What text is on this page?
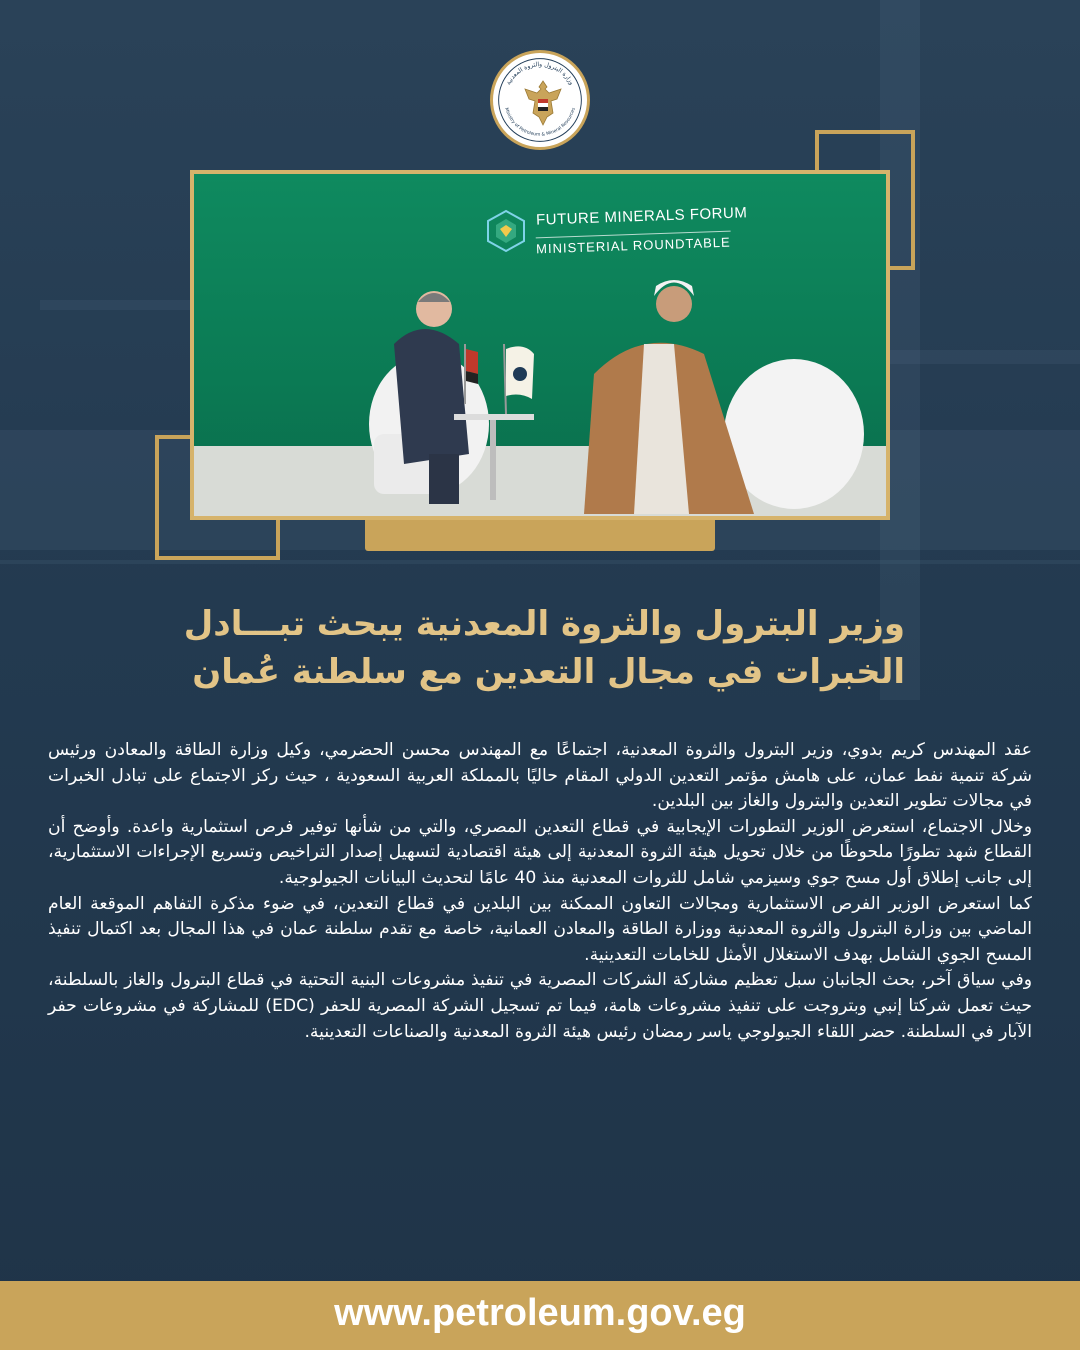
وزارة البترول والثروة المعدنية
Ministry of Petroleum & Mineral Resources
FUTURE MINERALS FORUM
MINISTERIAL ROUNDTABLE
وزير البترول والثروة المعدنية يبحث تبـــادل
الخبرات في مجال التعدين مع سلطنة عُمان

عقد المهندس كريم بدوي، وزير البترول والثروة المعدنية، اجتماعًا مع المهندس محسن الحضرمي، وكيل وزارة الطاقة والمعادن ورئيس شركة تنمية نفط عمان، على هامش مؤتمر التعدين الدولي المقام حاليًا بالمملكة العربية السعودية ، حيث ركز الاجتماع على تبادل الخبرات في مجالات تطوير التعدين والبترول والغاز بين البلدين.

وخلال الاجتماع، استعرض الوزير التطورات الإيجابية في قطاع التعدين المصري، والتي من شأنها توفير فرص استثمارية واعدة. وأوضح أن القطاع شهد تطورًا ملحوظًا من خلال تحويل هيئة الثروة المعدنية إلى هيئة اقتصادية لتسهيل إصدار التراخيص وتسريع الإجراءات الاستثمارية، إلى جانب إطلاق أول مسح جوي وسيزمي شامل للثروات المعدنية منذ 40 عامًا لتحديث البيانات الجيولوجية.

كما استعرض الوزير الفرص الاستثمارية ومجالات التعاون الممكنة بين البلدين في قطاع التعدين، في ضوء مذكرة التفاهم الموقعة العام الماضي بين وزارة البترول والثروة المعدنية ووزارة الطاقة والمعادن العمانية، خاصة مع تقدم سلطنة عمان في هذا المجال بعد اكتمال تنفيذ المسح الجوي الشامل بهدف الاستغلال الأمثل للخامات التعدينية.

وفي سياق آخر، بحث الجانبان سبل تعظيم مشاركة الشركات المصرية في تنفيذ مشروعات البنية التحتية في قطاع البترول والغاز بالسلطنة، حيث تعمل شركتا إنبي وبتروجت على تنفيذ مشروعات هامة، فيما تم تسجيل الشركة المصرية للحفر (EDC) للمشاركة في مشروعات حفر الآبار في السلطنة. حضر اللقاء الجيولوجي ياسر رمضان رئيس هيئة الثروة المعدنية والصناعات التعدينية.

www.petroleum.gov.eg
